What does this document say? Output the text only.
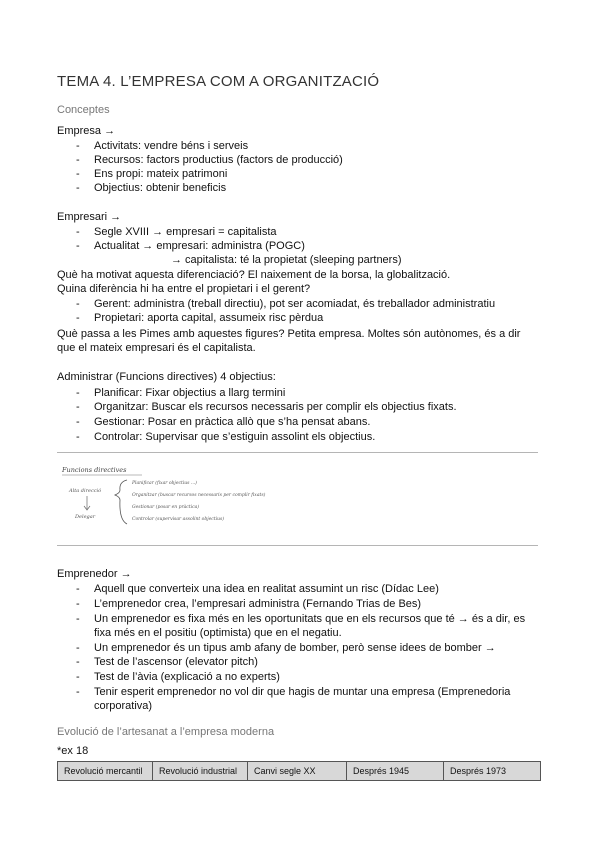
TEMA 4. L’EMPRESA COM A ORGANITZACIÓ
Conceptes
Empresa →
- Activitats: vendre béns i serveis
- Recursos: factors productius (factors de producció)
- Ens propi: mateix patrimoni
- Objectius: obtenir beneficis
Empresari →
- Segle XVIII → empresari = capitalista
- Actualitat → empresari: administra (POGC)
→ capitalista: té la propietat (sleeping partners)
Què ha motivat aquesta diferenciació? El naixement de la borsa, la globalització.
Quina diferència hi ha entre el propietari i el gerent?
- Gerent: administra (treball directiu), pot ser acomiadat, és treballador administratiu
- Propietari: aporta capital, assumeix risc pèrdua
Què passa a les Pimes amb aquestes figures? Petita empresa. Moltes són autònomes, és a dir
que el mateix empresari és el capitalista.
Administrar (Funcions directives) 4 objectius:
- Planificar: Fixar objectius a llarg termini
- Organitzar: Buscar els recursos necessaris per complir els objectius fixats.
- Gestionar: Posar en pràctica allò que s’ha pensat abans.
- Controlar: Supervisar que s’estiguin assolint els objectius.
Funcions directives
Alta direcció
Delegar
Planificar (fixar objectius ...)
Organitzar (buscar recursos necessaris per complir fixats)
Gestionar (posar en pràctica)
Controlar (supervisar assolint objectius)
Emprenedor →
- Aquell que converteix una idea en realitat assumint un risc (Dídac Lee)
- L’emprenedor crea, l’empresari administra (Fernando Trias de Bes)
- Un emprenedor es fixa més en les oportunitats que en els recursos que té → és a dir, es
fixa més en el positiu (optimista) que en el negatiu.
- Un emprenedor és un tipus amb afany de bomber, però sense idees de bomber →
- Test de l’ascensor (elevator pitch)
- Test de l’àvia (explicació a no experts)
- Tenir esperit emprenedor no vol dir que hagis de muntar una empresa (Emprenedoria
corporativa)
Evolució de l’artesanat a l’empresa moderna
*ex 18
Revolució mercantil	Revolució industrial	Canvi segle XX	Després 1945	Després 1973
